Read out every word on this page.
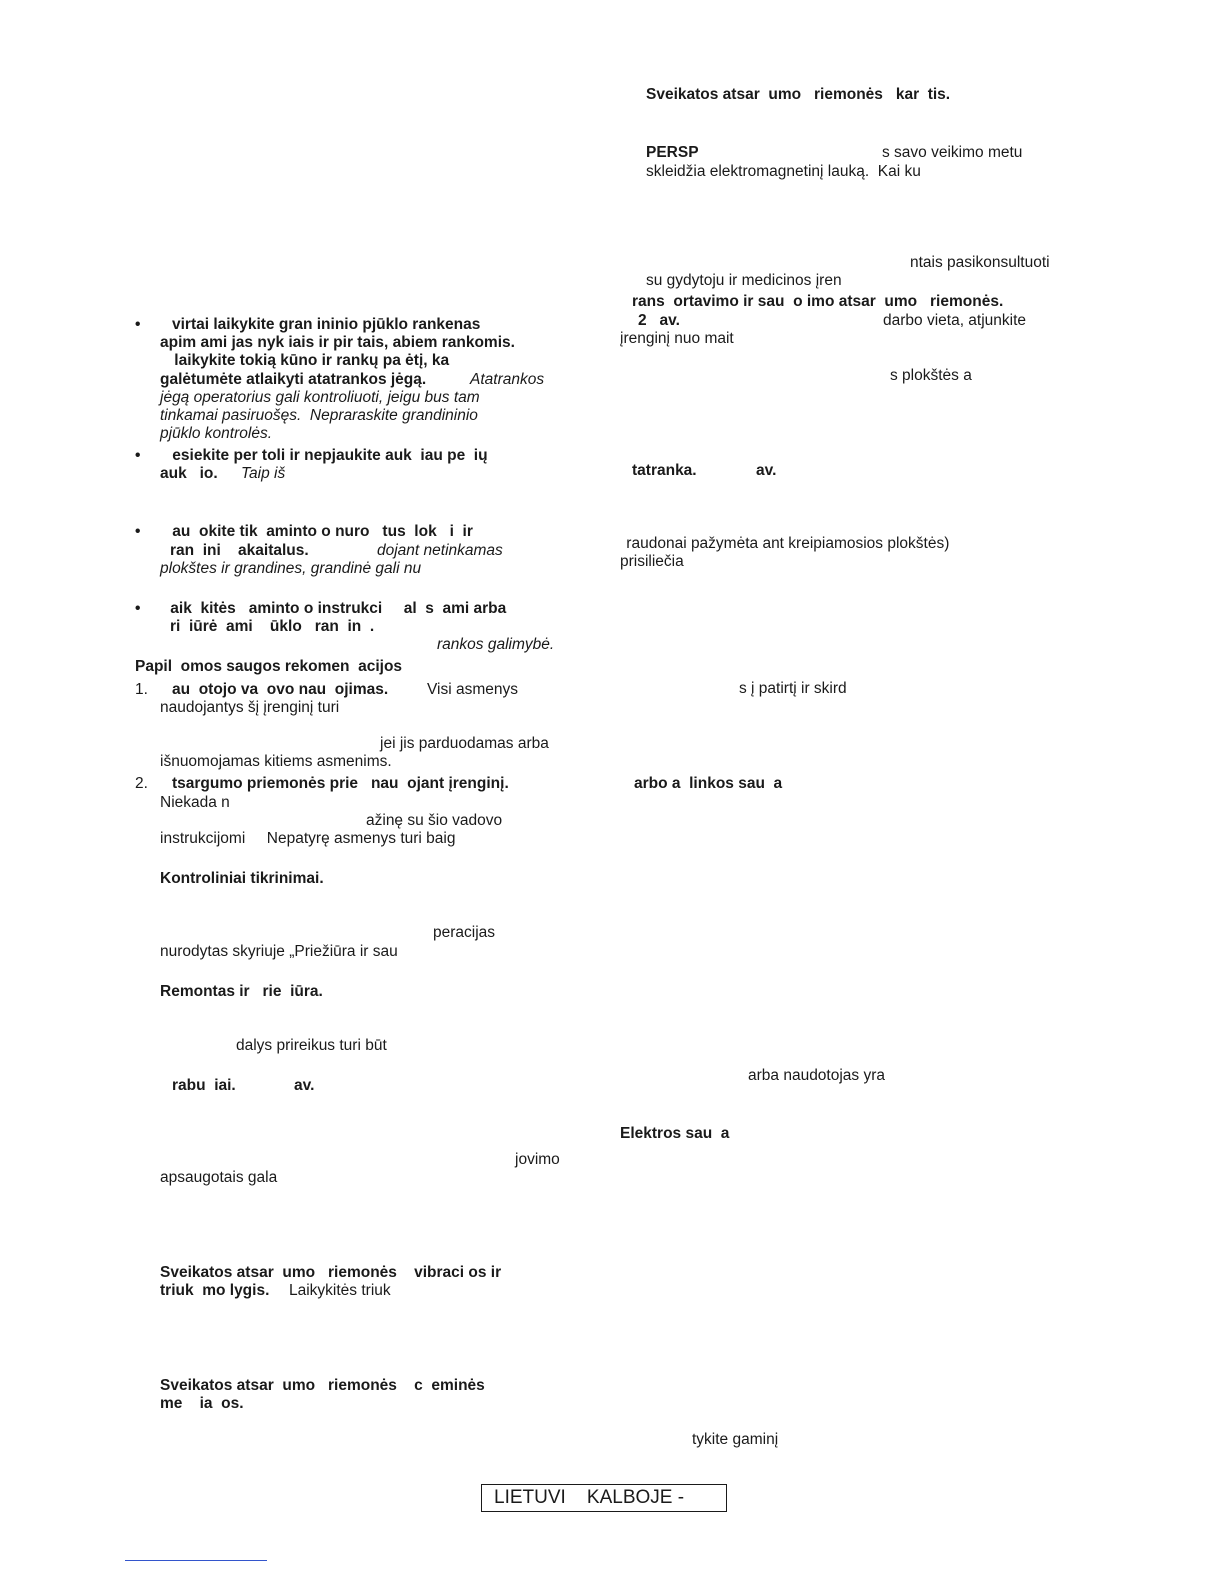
• virtai laikykite gran ininio pjūklo rankenas
apim ami jas nyk iais ir pir tais, abiem rankomis.
laikykite tokią kūno ir rankų pa ėtį, ka
galėtumėte atlaikyti atatrankos jėgą.	Atatrankos
jėgą operatorius gali kontroliuoti, jeigu bus tam
tinkamai pasiruošęs.  Nepraraskite grandininio
pjūklo kontrolės.
• esiekite per toli ir nepjaukite auk  iau pe  ių
auk   io. Taip iš
• au  okite tik  aminto o nuro   tus  lok   i  ir
ran  ini    akaitalus.	dojant netinkamas
plokštes ir grandines, grandinė gali nu
• aik  kitės   aminto o instrukci     al  s  ami arba
ri  iūrė  ami    ūklo   ran  in  .
rankos galimybė.
Papil  omos saugos rekomen  acijos
1. au  otojo va  ovo nau  ojimas.	Visi asmenys
naudojantys šį įrenginį turi
jei jis parduodamas arba
išnuomojamas kitiems asmenims.
2. tsargumo priemonės prie   nau  ojant įrenginį.
Niekada n
ažinę su šio vadovo
instrukcijomi     Nepatyrę asmenys turi baig
Kontroliniai tikrinimai.
peracijas
nurodytas skyriuje „Priežiūra ir sau
Remontas ir   rie  iūra.
dalys prireikus turi būt
rabu  iai.	av.
jovimo
apsaugotais gala
Sveikatos atsar  umo   riemonės    vibraci os ir
triuk  mo lygis. Laikykitės triuk
Sveikatos atsar  umo   riemonės    c  eminės
me    ia  os.
Sveikatos atsar  umo   riemonės   kar  tis.
PERSP	s savo veikimo metu
skleidžia elektromagnetinį lauką.  Kai ku
ntais pasikonsultuoti
su gydytoju ir medicinos įren
rans  ortavimo ir sau  o imo atsar  umo   riemonės.
2   av.	darbo vieta, atjunkite
įrenginį nuo mait
s plokštės a
tatranka.	av.
raudonai pažymėta ant kreipiamosios plokštės)
prisiliečia
s į patirtį ir skird
arbo a  linkos sau  a
arba naudotojas yra
Elektros sau  a
tykite gaminį
LIETUVI    KALBOJE -
